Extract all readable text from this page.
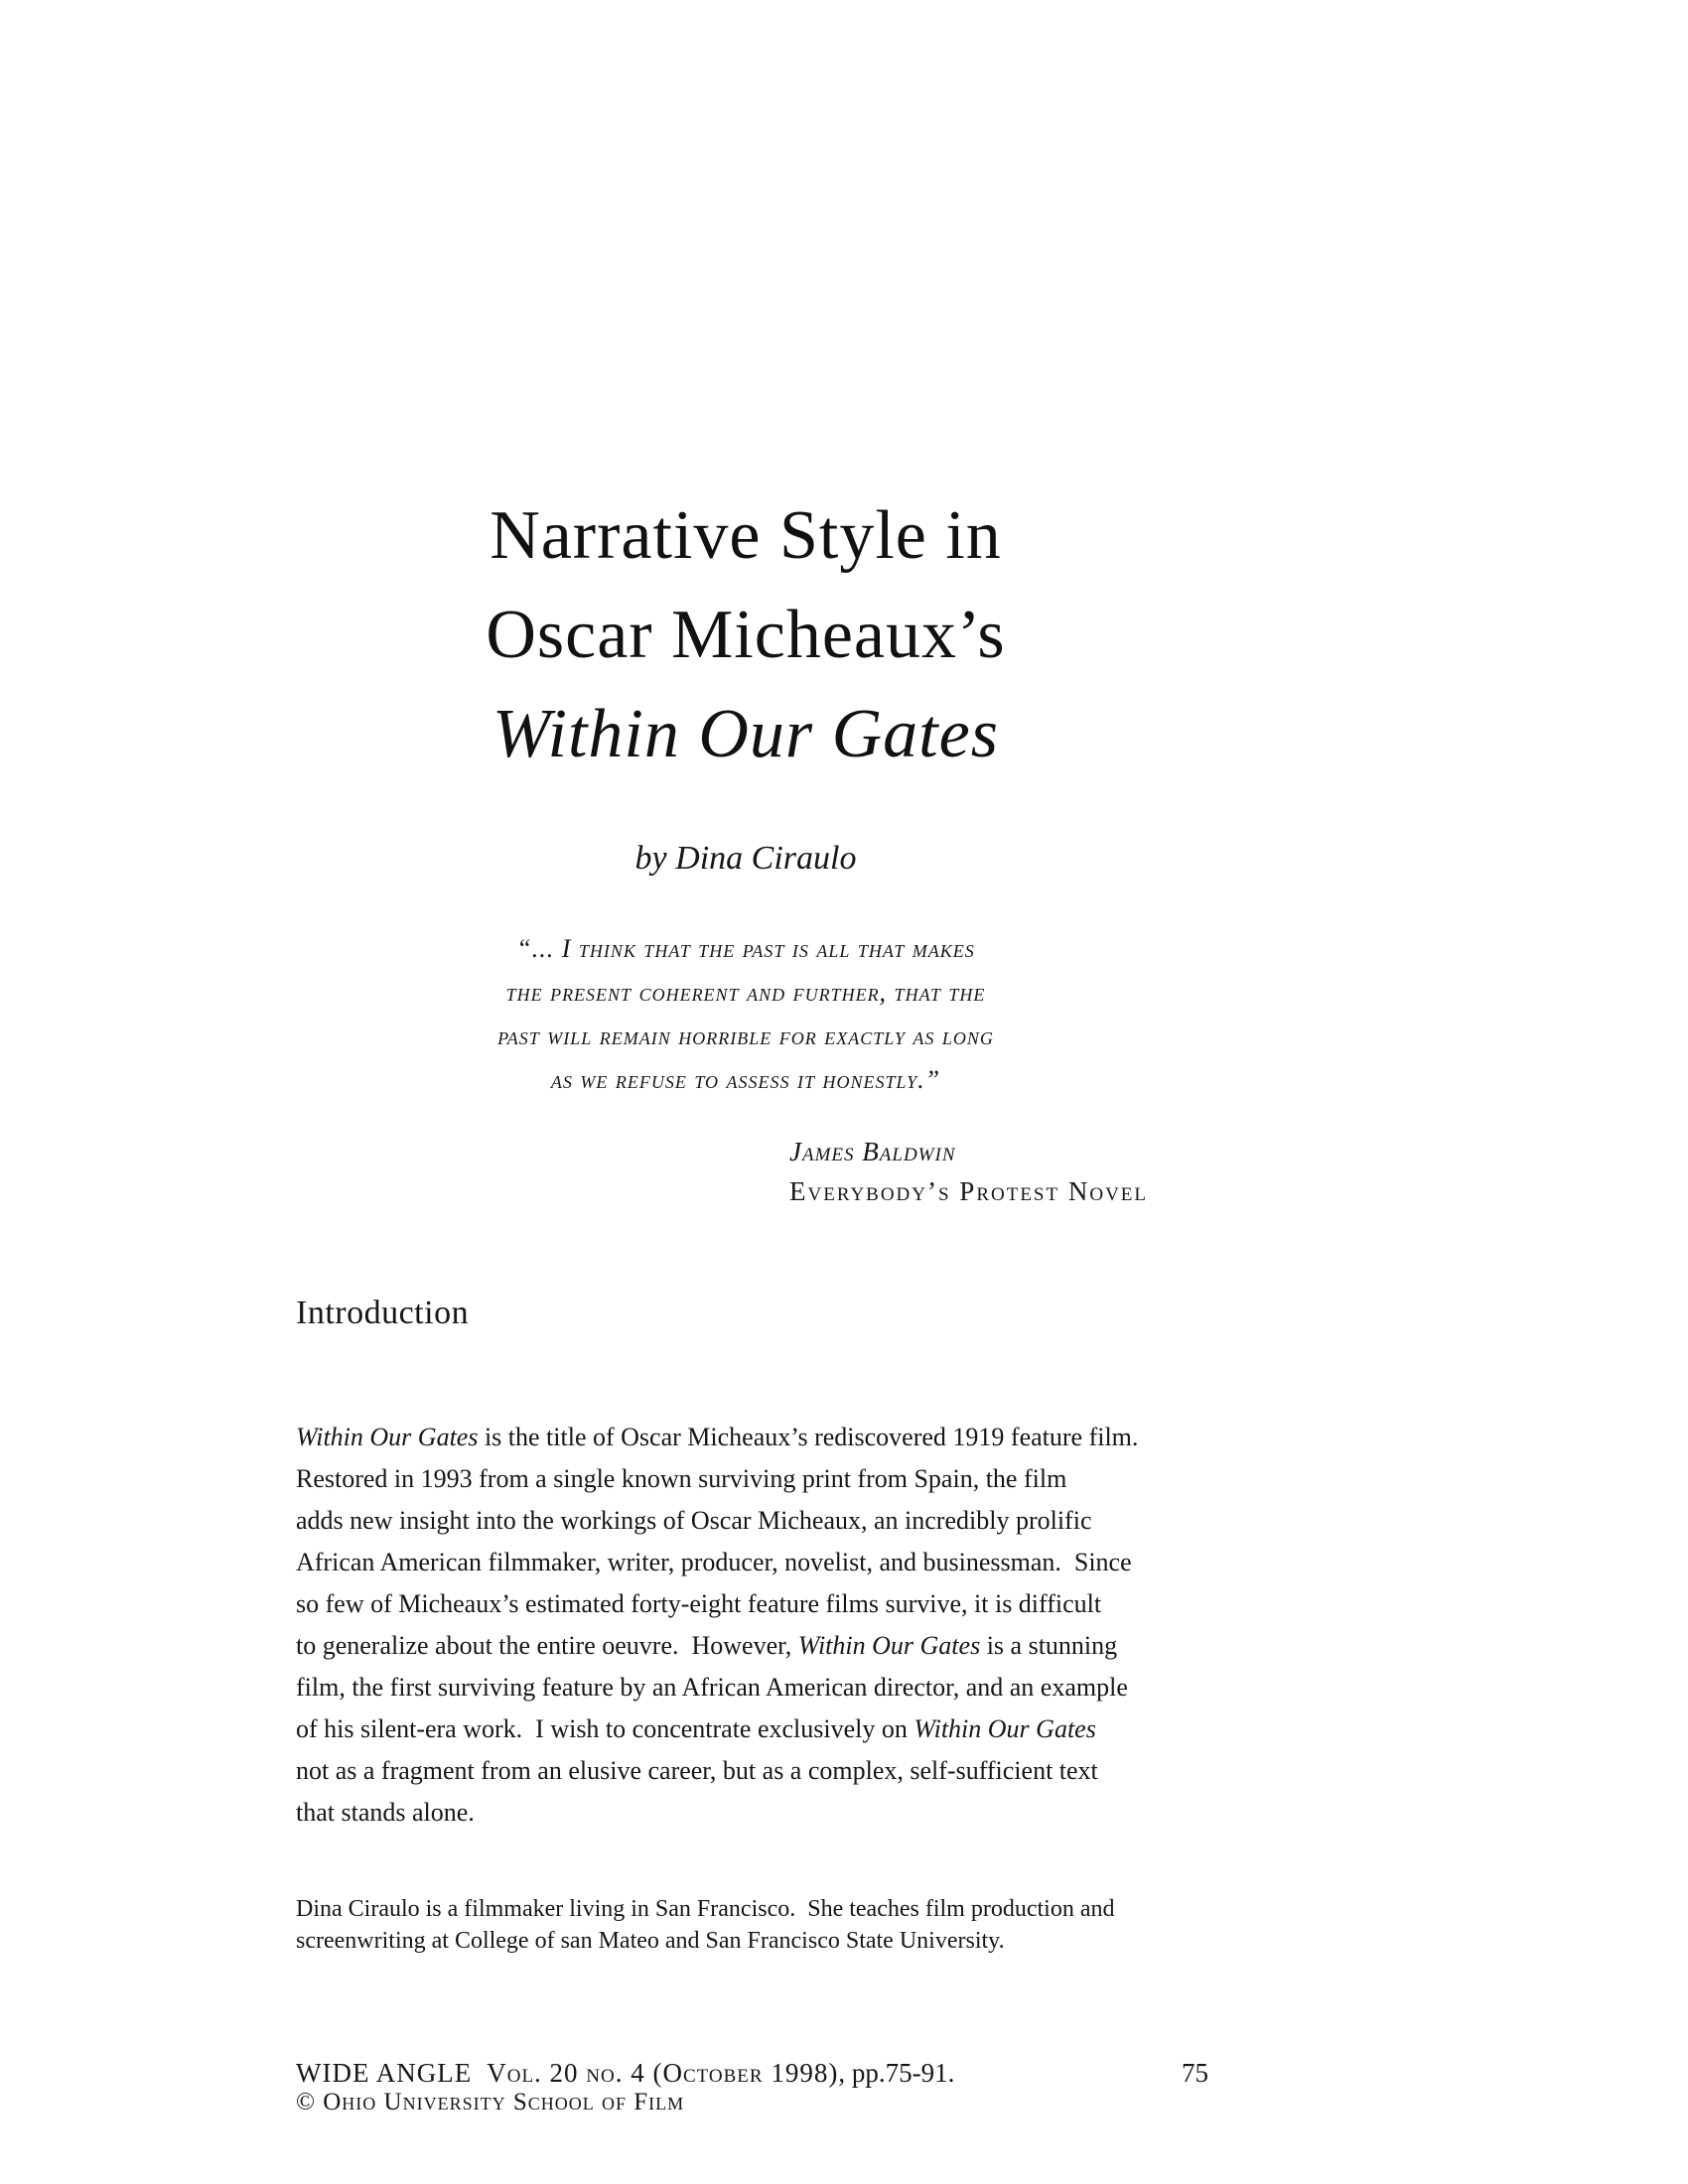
Narrative Style in
Oscar Micheaux’s
Within Our Gates
by Dina Ciraulo
“... I think that the past is all that makes
the present coherent and further, that the
past will remain horrible for exactly as long
as we refuse to assess it honestly.”
James Baldwin
Everybody’s Protest Novel
Introduction
Within Our Gates is the title of Oscar Micheaux’s rediscovered 1919 feature film.
Restored in 1993 from a single known surviving print from Spain, the film
adds new insight into the workings of Oscar Micheaux, an incredibly prolific
African American filmmaker, writer, producer, novelist, and businessman.  Since
so few of Micheaux’s estimated forty-eight feature films survive, it is difficult
to generalize about the entire oeuvre.  However, Within Our Gates is a stunning
film, the first surviving feature by an African American director, and an example
of his silent-era work.  I wish to concentrate exclusively on Within Our Gates
not as a fragment from an elusive career, but as a complex, self-sufficient text
that stands alone.
Dina Ciraulo is a filmmaker living in San Francisco.  She teaches film production and
screenwriting at College of san Mateo and San Francisco State University.
WIDE ANGLE  Vol. 20 no. 4 (October 1998), pp.75-91.
© Ohio University School of Film
75
